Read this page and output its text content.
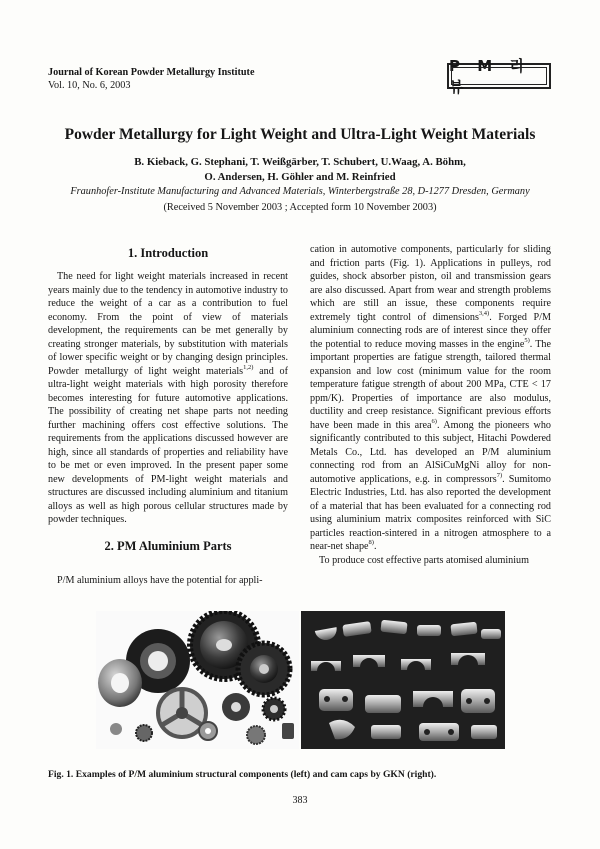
Journal of Korean Powder Metallurgy Institute
Vol. 10, No. 6, 2003
P M 리 뷰
Powder Metallurgy for Light Weight and Ultra-Light Weight Materials
B. Kieback, G. Stephani, T. Weißgärber, T. Schubert, U.Waag, A. Böhm,
O. Andersen, H. Göhler and M. Reinfried
Fraunhofer-Institute Manufacturing and Advanced Materials, Winterbergstraße 28, D-1277 Dresden, Germany
(Received 5 November 2003 ; Accepted form 10 November 2003)
1. Introduction

The need for light weight materials increased in recent years mainly due to the tendency in automotive industry to reduce the weight of a car as a contribution to fuel economy. From the point of view of materials development, the requirements can be met generally by creating stronger materials, by substitution with materials of lower specific weight or by changing design principles. Powder metallurgy of light weight materials$^{1,2)}$ and of ultra-light weight materials with high porosity therefore becomes interesting for future automotive applications. The possibility of creating net shape parts not needing further machining offers cost effective solutions. The requirements from the applications discussed however are high, since all standards of properties and reliability have to be met or even improved. In the present paper some new developments of PM-light weight materials and structures are discussed including aluminium and titanium alloys as well as high porous cellular structures made by powder techniques.

2. PM Aluminium Parts

P/M aluminium alloys have the potential for appli-

cation in automotive components, particularly for sliding and friction parts (Fig. 1). Applications in pulleys, rod guides, shock absorber piston, oil and transmission gears are also discussed. Apart from wear and strength problems which are still an issue, these components require extremely tight control of dimensions$^{3,4)}$. Forged P/M aluminium connecting rods are of interest since they offer the potential to reduce moving masses in the engine$^{5)}$. The important properties are fatigue strength, tailored thermal expansion and low cost (minimum value for the room temperature fatigue strength of about 200 MPa, CTE < 17 ppm/K). Properties of importance are also modulus, ductility and creep resistance. Significant previous efforts have been made in this area$^{6)}$. Among the pioneers who significantly contributed to this subject, Hitachi Powdered Metals Co., Ltd. has developed an P/M aluminium connecting rod from an AlSiCuMgNi alloy for non-automotive applications, e.g. in compressors$^{7)}$. Sumitomo Electric Industries, Ltd. has also reported the development of a material that has been evaluated for a connecting rod using aluminium matrix composites reinforced with SiC particles reaction-sintered in a nitrogen atmosphere to a near-net shape$^{8)}$.

To produce cost effective parts atomised aluminium

Fig. 1. Examples of P/M aluminium structural components (left) and cam caps by GKN (right).
383
